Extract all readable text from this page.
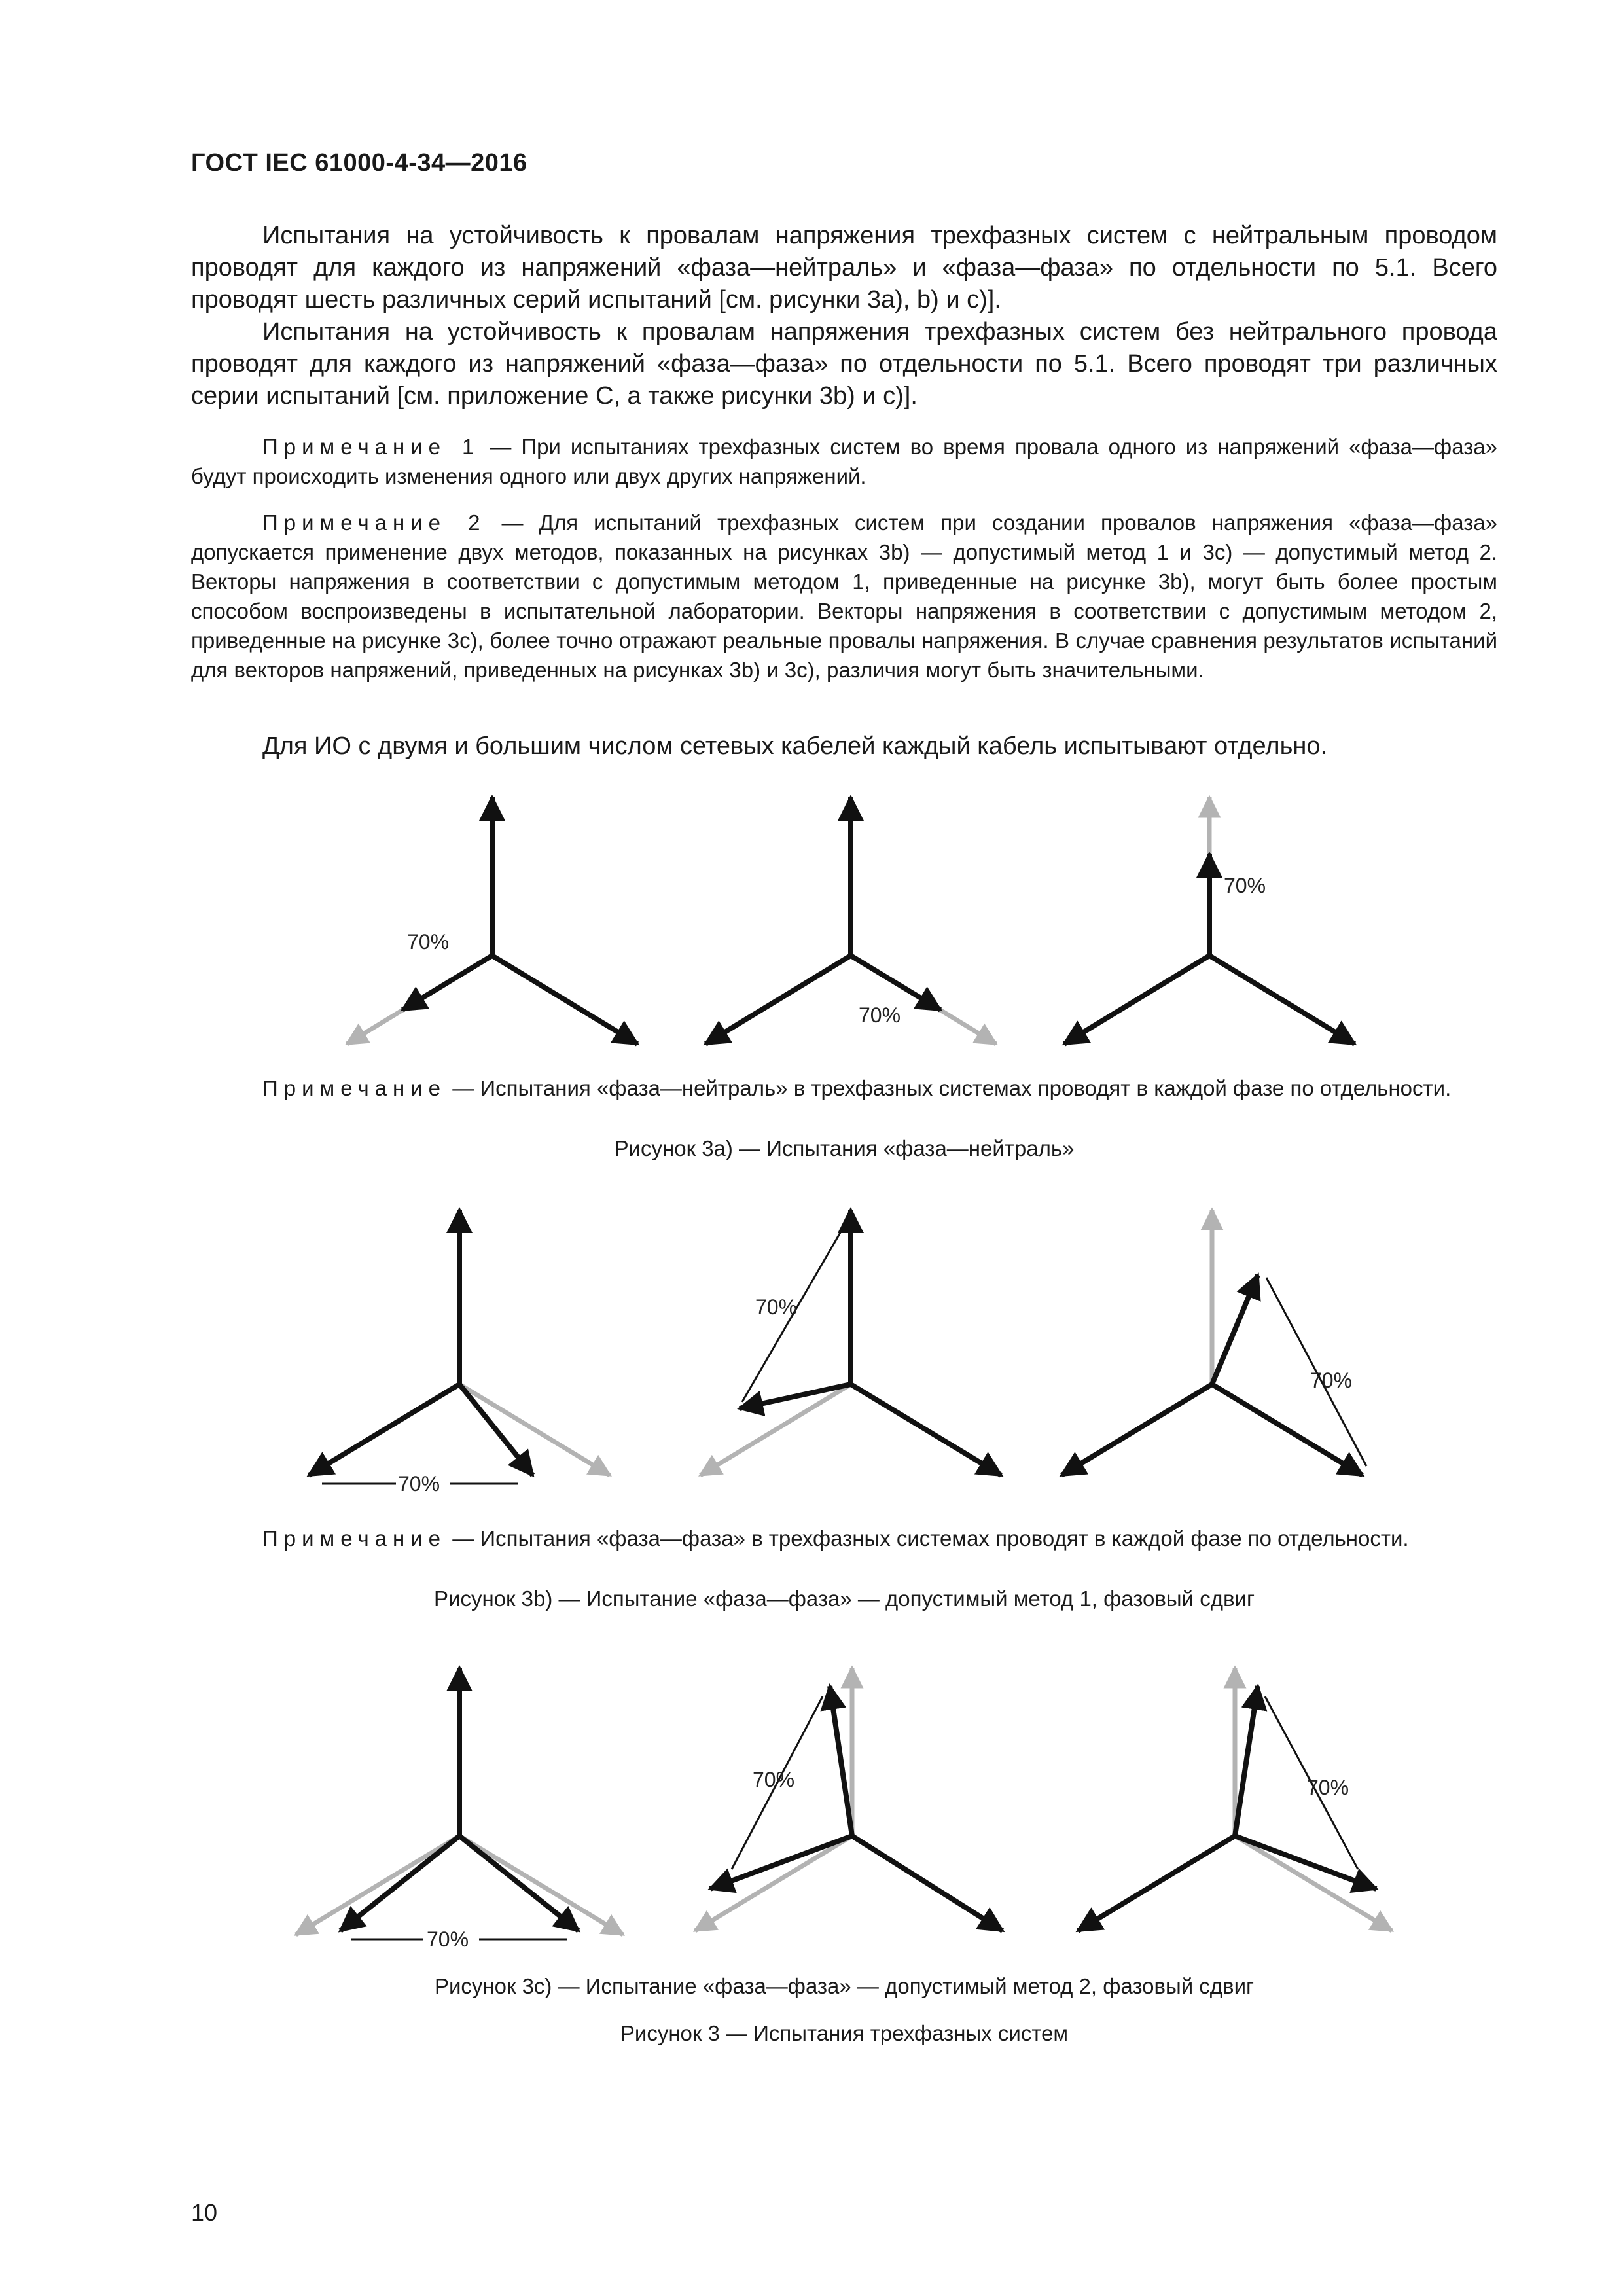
ГОСТ IEC 61000-4-34—2016

Испытания на устойчивость к провалам напряжения трехфазных систем с нейтральным проводом проводят для каждого из напряжений «фаза—нейтраль» и «фаза—фаза» по отдельности по 5.1. Всего проводят шесть различных серий испытаний [см. рисунки 3а), b) и с)].

Испытания на устойчивость к провалам напряжения трехфазных систем без нейтрального провода проводят для каждого из напряжений «фаза—фаза» по отдельности по 5.1. Всего проводят три различных серии испытаний [см. приложение С, а также рисунки 3b) и с)].

Примечание 1 — При испытаниях трехфазных систем во время провала одного из напряжений «фаза—фаза» будут происходить изменения одного или двух других напряжений.

Примечание 2 — Для испытаний трехфазных систем при создании провалов напряжения «фаза—фаза» допускается применение двух методов, показанных на рисунках 3b) — допустимый метод 1 и 3с) — допустимый метод 2. Векторы напряжения в соответствии с допустимым методом 1, приведенные на рисунке 3b), могут быть более простым способом воспроизведены в испытательной лаборатории. Векторы напряжения в соответствии с допустимым методом 2, приведенные на рисунке 3с), более точно отражают реальные провалы напряжения. В случае сравнения результатов испытаний для векторов напряжений, приведенных на рисунках 3b) и 3с), различия могут быть значительными.

Для ИО с двумя и большим числом сетевых кабелей каждый кабель испытывают отдельно.

70%
70%
70%

Примечание — Испытания «фаза—нейтраль» в трехфазных системах проводят в каждой фазе по отдельности.

Рисунок 3а) — Испытания «фаза—нейтраль»
70%
70%
70%

Примечание — Испытания «фаза—фаза» в трехфазных системах проводят в каждой фазе по отдельности.

Рисунок 3b) — Испытание «фаза—фаза» — допустимый метод 1, фазовый сдвиг
70%
70%	70%
Рисунок 3с) — Испытание «фаза—фаза» — допустимый метод 2, фазовый сдвиг
Рисунок 3 — Испытания трехфазных систем
10
